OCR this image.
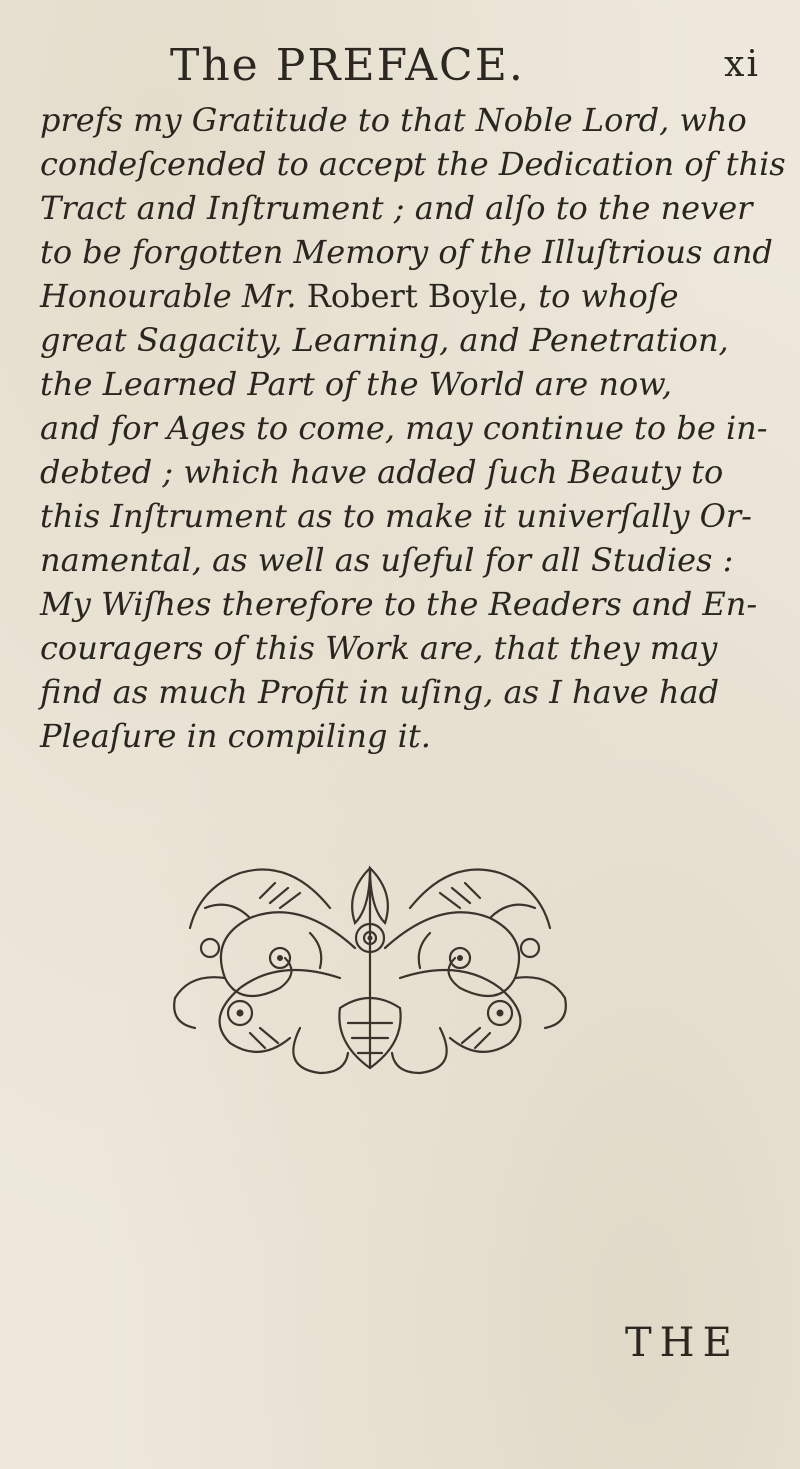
The PREFACE.	xi
prefs my Gratitude to that Noble Lord, who
condeſcended to accept the Dedication of this
Tract and Inſtrument ; and alſo to the never
to be forgotten Memory of the Illuſtrious and
Honourable Mr. Robert Boyle, to whoſe
great Sagacity, Learning, and Penetration,
the Learned Part of the World are now,
and for Ages to come, may continue to be in-
debted ; which have added ſuch Beauty to
this Inſtrument as to make it univerſally Or-
namental, as well as uſeful for all Studies :
My Wiſhes therefore to the Readers and En-
couragers of this Work are, that they may
find as much Profit in uſing, as I have had
Pleaſure in compiling it.
THE
